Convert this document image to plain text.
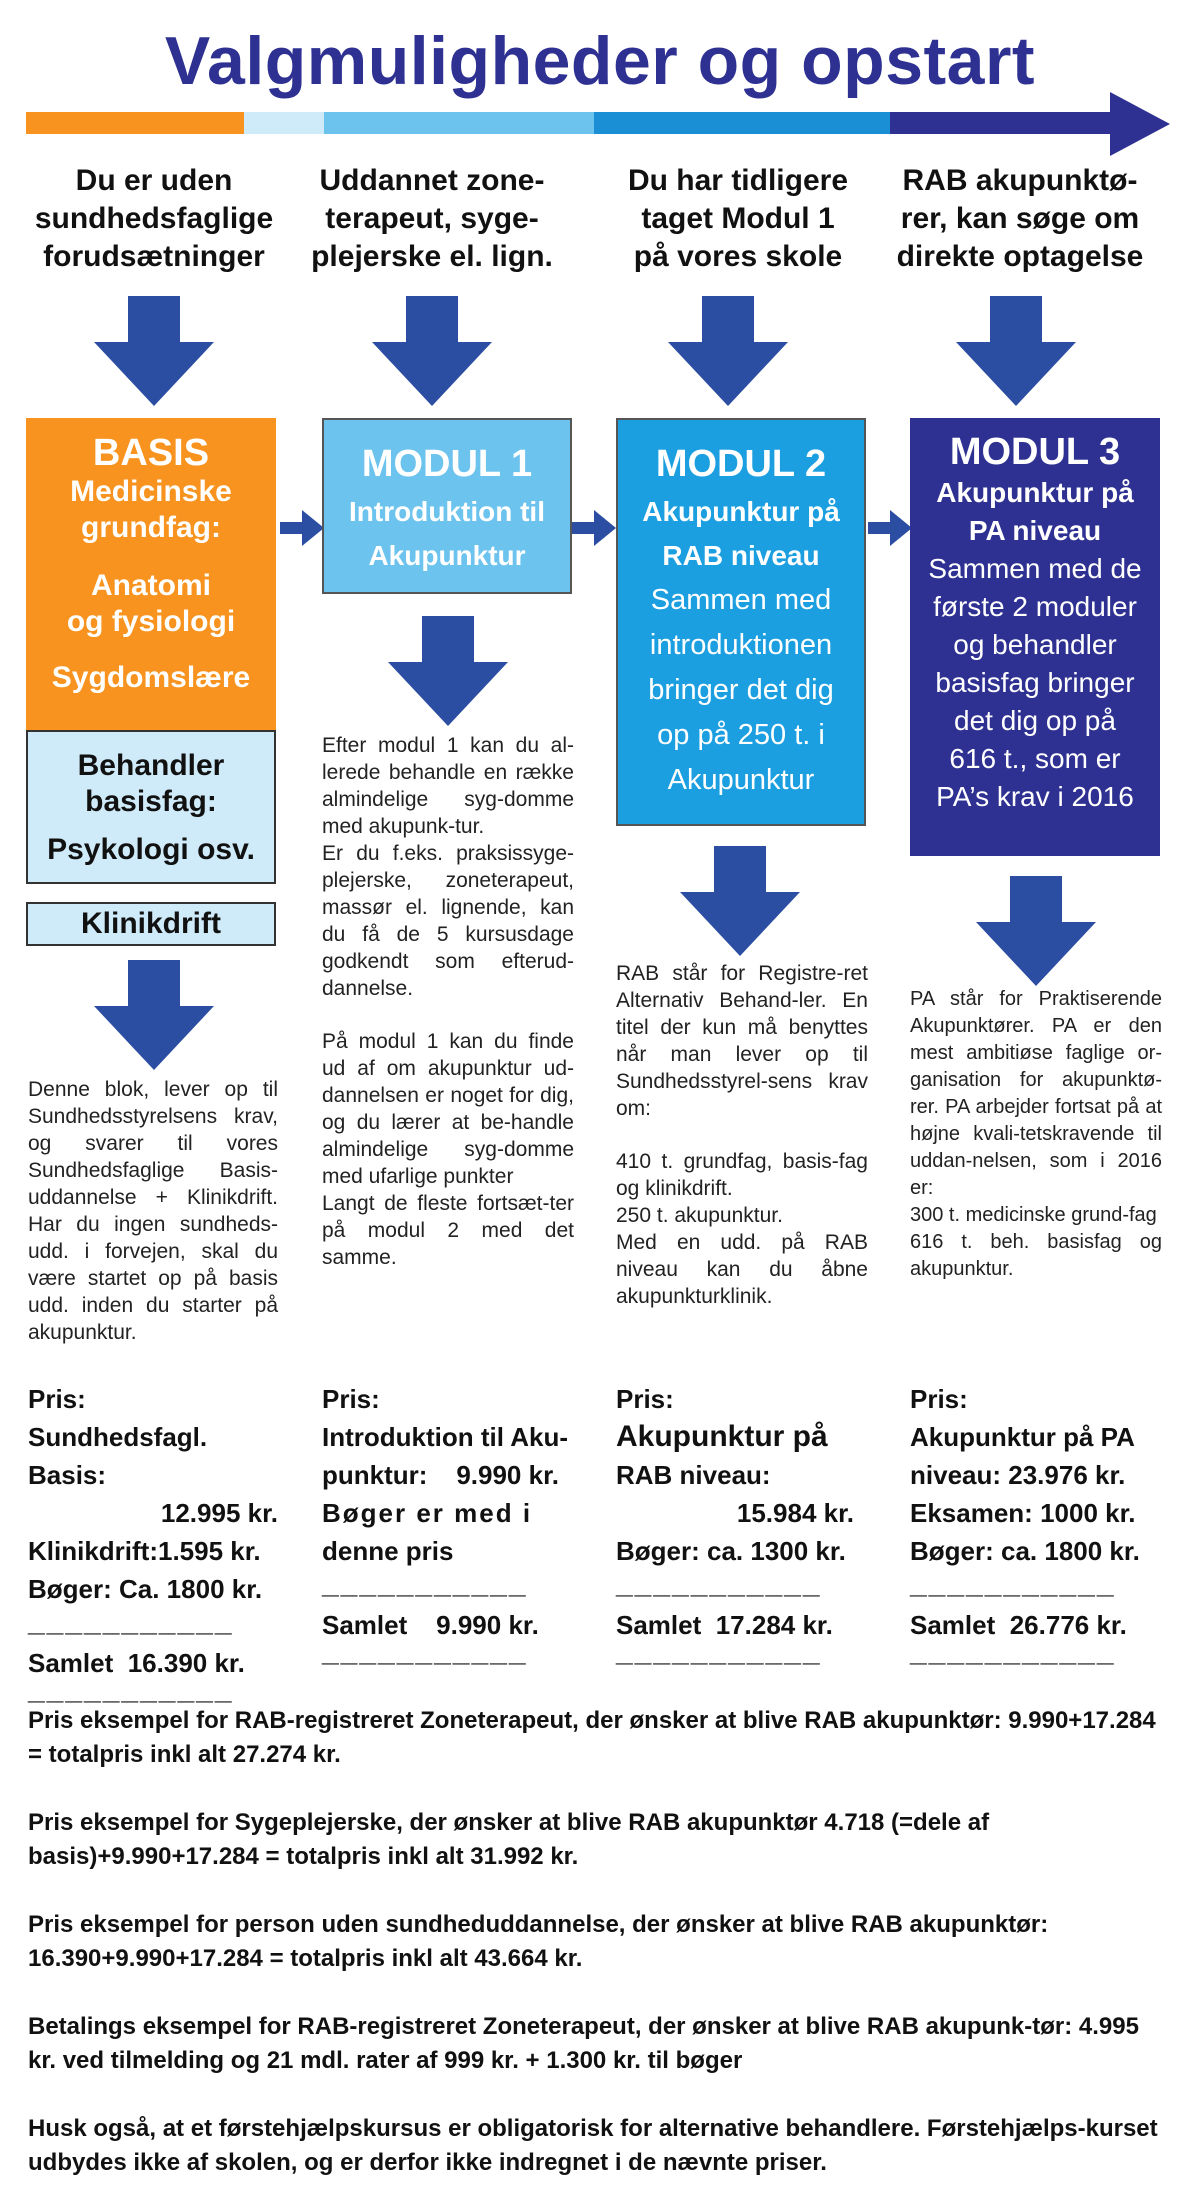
Valgmuligheder og opstart
Du er uden
sundhedsfaglige
forudsætninger
Uddannet zone-
terapeut, syge-
plejerske el. lign.
Du har tidligere
taget Modul 1
på vores skole
RAB akupunktø-
rer, kan søge om
direkte optagelse
BASIS
Medicinske
grundfag:
Anatomi
og fysiologi
Sygdomslære
Behandler
basisfag:
Psykologi osv.
Klinikdrift
MODUL 1
Introduktion til
Akupunktur
MODUL 2
Akupunktur på
RAB niveau
Sammen med
introduktionen
bringer det dig
op på 250 t. i
Akupunktur
MODUL 3
Akupunktur på
PA niveau
Sammen med de
første 2 moduler
og behandler
basisfag bringer
det dig op på
616 t., som er
PA’s krav i 2016

Denne blok, lever op til Sundhedsstyrelsens krav, og svarer til vores Sundhedsfaglige Basis-uddannelse + Klinikdrift. Har du ingen sundheds-udd. i forvejen, skal du være startet op på basis udd. inden du starter på akupunktur.

Efter modul 1 kan du al-lerede behandle en række almindelige syg-domme med akupunk-tur.

Er du f.eks. praksissyge-plejerske, zoneterapeut, massør el. lignende, kan du få de 5 kursusdage godkendt som efterud-dannelse.

På modul 1 kan du finde ud af om akupunktur ud-dannelsen er noget for dig, og du lærer at be-handle almindelige syg-domme med ufarlige punkter

Langt de fleste fortsæt-ter på modul 2 med det samme.

RAB står for Registre-ret Alternativ Behand-ler. En titel der kun må benyttes når man lever op til Sundhedsstyrel-sens krav om:

410 t. grundfag, basis-fag og klinikdrift.

250 t. akupunktur.

Med en udd. på RAB niveau kan du åbne akupunkturklinik.

PA står for Praktiserende Akupunktører. PA er den mest ambitiøse faglige or-ganisation for akupunktø-rer. PA arbejder fortsat på at højne kvali-tetskravende til uddan-nelsen, som i 2016 er:

300 t. medicinske grund-fag

616 t. beh. basisfag og akupunktur.

Pris:
Sundhedsfagl. Basis:
12.995 kr.
Klinikdrift:1.595 kr.
Bøger: Ca. 1800 kr.
___________
Samlet  16.390 kr.
___________
Pris:
Introduktion til Aku-
punktur:    9.990 kr.
Bøger er med i
denne pris
___________
Samlet    9.990 kr.
___________
Pris:
Akupunktur på
RAB niveau:
15.984 kr.
Bøger: ca. 1300 kr.
___________
Samlet  17.284 kr.
___________
Pris:
Akupunktur på PA
niveau: 23.976 kr.
Eksamen: 1000 kr.
Bøger: ca. 1800 kr.
___________
Samlet  26.776 kr.
___________
Pris eksempel for RAB-registreret Zoneterapeut, der ønsker at blive RAB akupunktør: 9.990+17.284 = totalpris inkl alt 27.274 kr.
Pris eksempel for Sygeplejerske, der ønsker at blive RAB akupunktør 4.718 (=dele af basis)+9.990+17.284 = totalpris inkl alt 31.992 kr.
Pris eksempel for person uden sundheduddannelse, der ønsker at blive RAB akupunktør: 16.390+9.990+17.284 = totalpris inkl alt 43.664 kr.
Betalings eksempel for RAB-registreret Zoneterapeut, der ønsker at blive RAB akupunk-tør: 4.995 kr. ved tilmelding og 21 mdl. rater af 999 kr. + 1.300 kr. til bøger
Husk også, at et førstehjælpskursus er obligatorisk for alternative behandlere. Førstehjælps-kurset udbydes ikke af skolen, og er derfor ikke indregnet i de nævnte priser.
